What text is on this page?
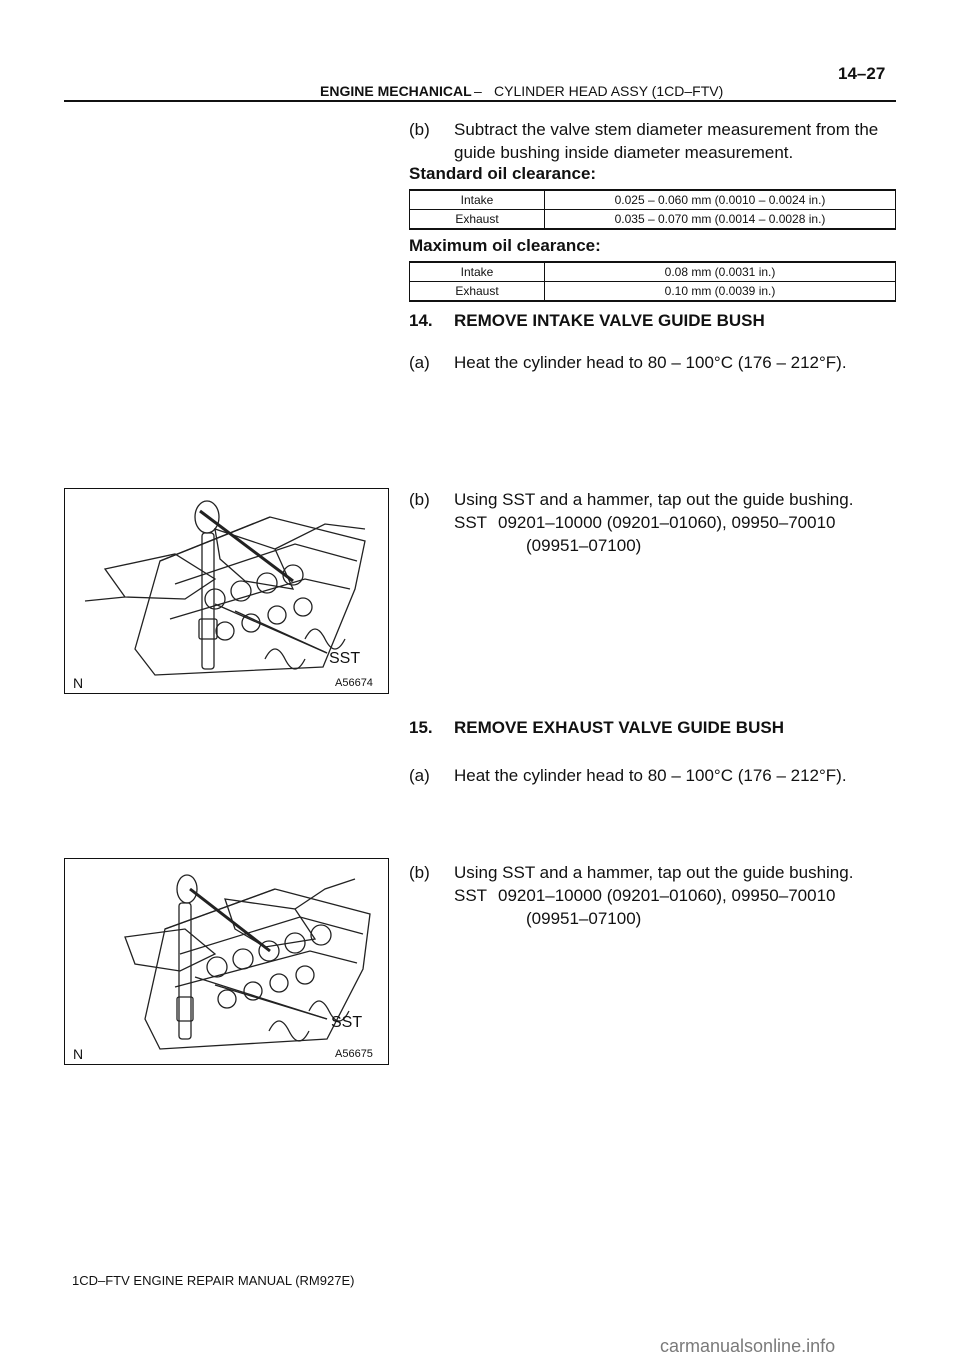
ENGINE MECHANICAL – CYLINDER HEAD ASSY (1CD–FTV)
14–27
(b) Subtract the valve stem diameter measurement from the
guide bushing inside diameter measurement.
Standard oil clearance:
Intake	0.025 – 0.060 mm (0.0010 – 0.0024 in.)
Exhaust	0.035 – 0.070 mm (0.0014 – 0.0028 in.)
Maximum oil clearance:
Intake	0.08 mm (0.0031 in.)
Exhaust	0.10 mm (0.0039 in.)
14. REMOVE INTAKE VALVE GUIDE BUSH
(a) Heat the cylinder head to 80 – 100°C (176 – 212°F).
(b) Using SST and a hammer, tap out the guide bushing.
SST 09201–10000 (09201–01060), 09950–70010
(09951–07100)
SST
N	A56674
15. REMOVE EXHAUST VALVE GUIDE BUSH
(a) Heat the cylinder head to 80 – 100°C (176 – 212°F).
(b) Using SST and a hammer, tap out the guide bushing.
SST 09201–10000 (09201–01060), 09950–70010
(09951–07100)
SST
N	A56675
1CD–FTV ENGINE REPAIR MANUAL (RM927E)
carmanualsonline.info
